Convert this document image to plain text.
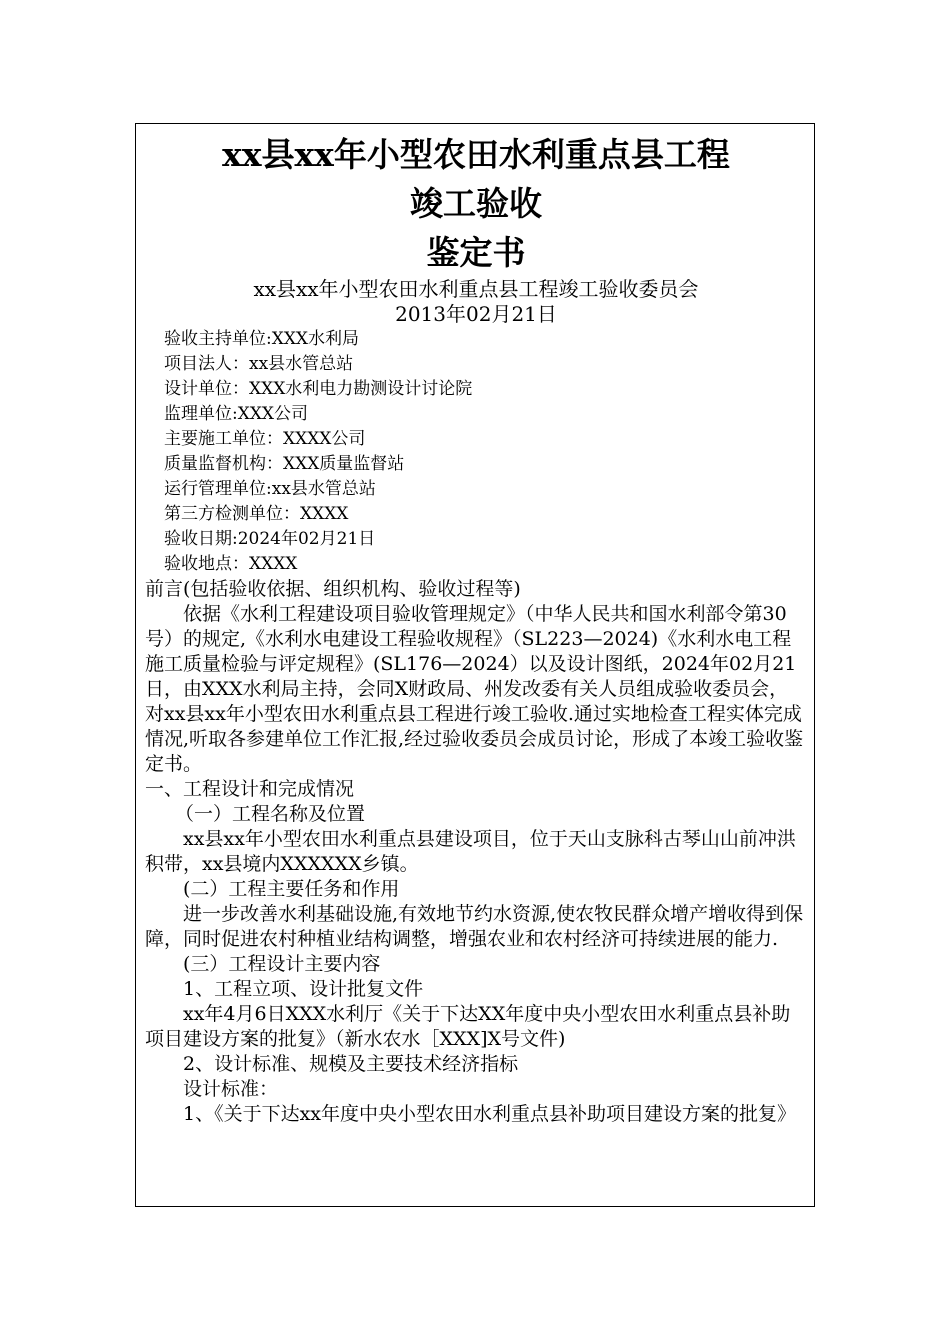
xx县xx年小型农田水利重点县工程
竣工验收
鉴定书
xx县xx年小型农田水利重点县工程竣工验收委员会
2013年02月21日
验收主持单位:XXX水利局
项目法人：xx县水管总站
设计单位：XXX水利电力勘测设计讨论院
监理单位:XXX公司
主要施工单位：XXXX公司
质量监督机构：XXX质量监督站
运行管理单位:xx县水管总站
第三方检测单位：XXXX
验收日期:2024年02月21日
验收地点：XXXX

前言(包括验收依据、组织机构、验收过程等)

依据《水利工程建设项目验收管理规定》（中华人民共和国水利部令第30号）的规定,《水利水电建设工程验收规程》（SL223—2024)《水利水电工程施工质量检验与评定规程》(SL176—2024）以及设计图纸，2024年02月21日，由XXX水利局主持，会同X财政局、州发改委有关人员组成验收委员会，对xx县xx年小型农田水利重点县工程进行竣工验收.通过实地检查工程实体完成情况,听取各参建单位工作汇报,经过验收委员会成员讨论，形成了本竣工验收鉴定书。

一、工程设计和完成情况

（一）工程名称及位置

xx县xx年小型农田水利重点县建设项目，位于天山支脉科古琴山山前冲洪积带，xx县境内XXXXXX乡镇。

(二）工程主要任务和作用

进一步改善水利基础设施,有效地节约水资源,使农牧民群众增产增收得到保障，同时促进农村种植业结构调整，增强农业和农村经济可持续进展的能力.

(三）工程设计主要内容

1、工程立项、设计批复文件

xx年4月6日XXX水利厅《关于下达XX年度中央小型农田水利重点县补助项目建设方案的批复》（新水农水［XXX]X号文件)

2、设计标准、规模及主要技术经济指标

设计标准：

1、《关于下达xx年度中央小型农田水利重点县补助项目建设方案的批复》
